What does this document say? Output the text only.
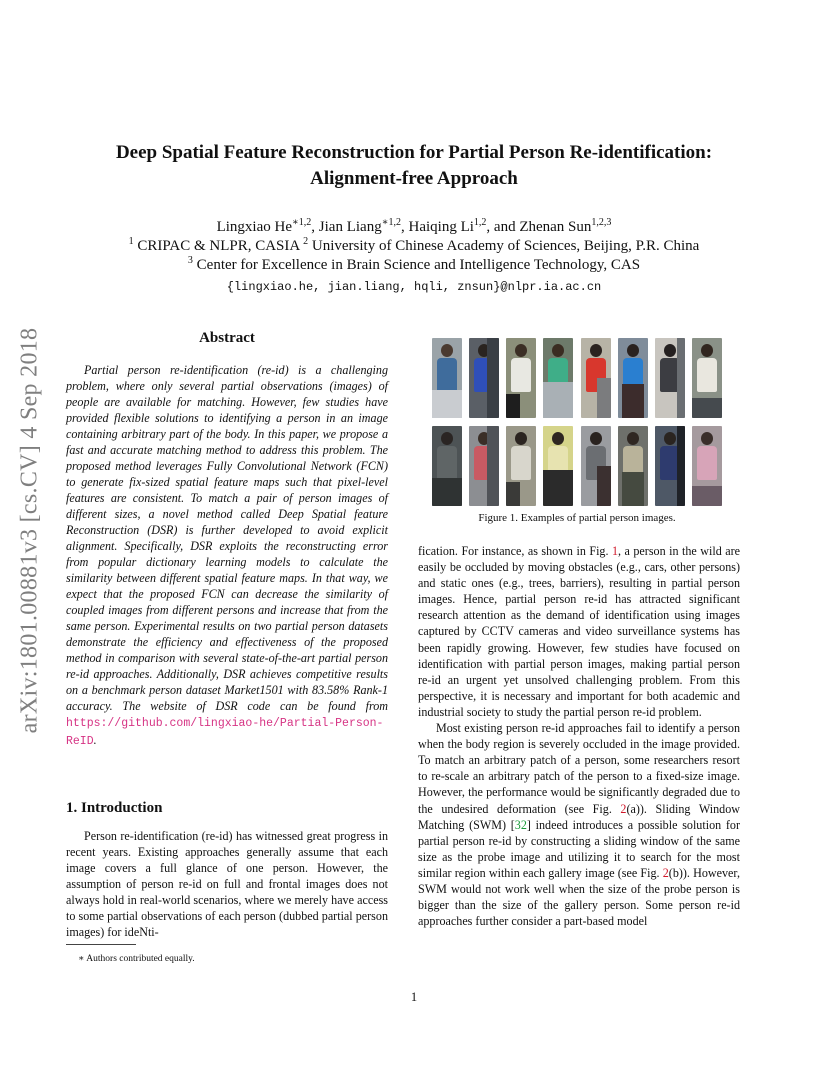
arXiv:1801.00881v3 [cs.CV] 4 Sep 2018
Deep Spatial Feature Reconstruction for Partial Person Re-identification:
Alignment-free Approach
Lingxiao $He^{∗1,2}$, Jian Liang$^{∗1,2}$, Haiqing Li$^{1,2}$, and Zhenan Sun$^{1,2,3}$
$^1$ CRIPAC & NLPR, CASIA $^2$ University of Chinese Academy of Sciences, Beijing, P.R. China
$^3$ Center for Excellence in Brain Science and Intelligence Technology, CAS
{lingxiao.he, jian.liang, hqli, znsun}@nlpr.ia.ac.cn
Abstract

Partial person re-identification (re-id) is a challenging problem, where only several partial observations (images) of people are available for matching. However, few studies have provided flexible solutions to identifying a person in an image containing arbitrary part of the body. In this paper, we propose a fast and accurate matching method to address this problem. The proposed method leverages Fully Convolutional Network (FCN) to generate fix-sized spatial feature maps such that pixel-level features are consistent. To match a pair of person images of different sizes, a novel method called Deep Spatial feature Reconstruction (DSR) is further developed to avoid explicit alignment. Specifically, DSR exploits the reconstructing error from popular dictionary learning models to calculate the similarity between different spatial feature maps. In that way, we expect that the proposed FCN can decrease the similarity of coupled images from different persons and increase that from the same person. Experimental results on two partial person datasets demonstrate the efficiency and effectiveness of the proposed method in comparison with several state-of-the-art partial person re-id approaches. Additionally, DSR achieves competitive results on a benchmark person dataset Market1501 with 83.58% Rank-1 accuracy. The website of DSR code can be found from https://github.com/lingxiao-he/Partial-Person-ReID.

1. Introduction

Person re-identification (re-id) has witnessed great progress in recent years. Existing approaches generally assume that each image covers a full glance of one person. However, the assumption of person re-id on full and frontal images does not always hold in real-world scenarios, where we merely have access to some partial observations of each person (dubbed partial person images) for ideNti-

∗ Authors contributed equally.
Figure 1. Examples of partial person images.

fication. For instance, as shown in Fig. 1, a person in the wild are easily be occluded by moving obstacles (e.g., cars, other persons) and static ones (e.g., trees, barriers), resulting in partial person images. Hence, partial person re-id has attracted significant research attention as the demand of identification using images captured by CCTV cameras and video surveillance systems has been rapidly growing. However, few studies have focused on identification with partial person images, making partial person re-id an urgent yet unsolved challenging problem. From this perspective, it is necessary and important for both academic and industrial society to study the partial person re-id problem.

Most existing person re-id approaches fail to identify a person when the body region is severely occluded in the image provided. To match an arbitrary patch of a person, some researchers resort to re-scale an arbitrary patch of the person to a fixed-size image. However, the performance would be significantly degraded due to the undesired deformation (see Fig. 2(a)). Sliding Window Matching (SWM) [32] indeed introduces a possible solution for partial person re-id by constructing a sliding window of the same size as the probe image and utilizing it to search for the most similar region within each gallery image (see Fig. 2(b)). However, SWM would not work well when the size of the probe person is bigger than the size of the gallery person. Some person re-id approaches further consider a part-based model

1
